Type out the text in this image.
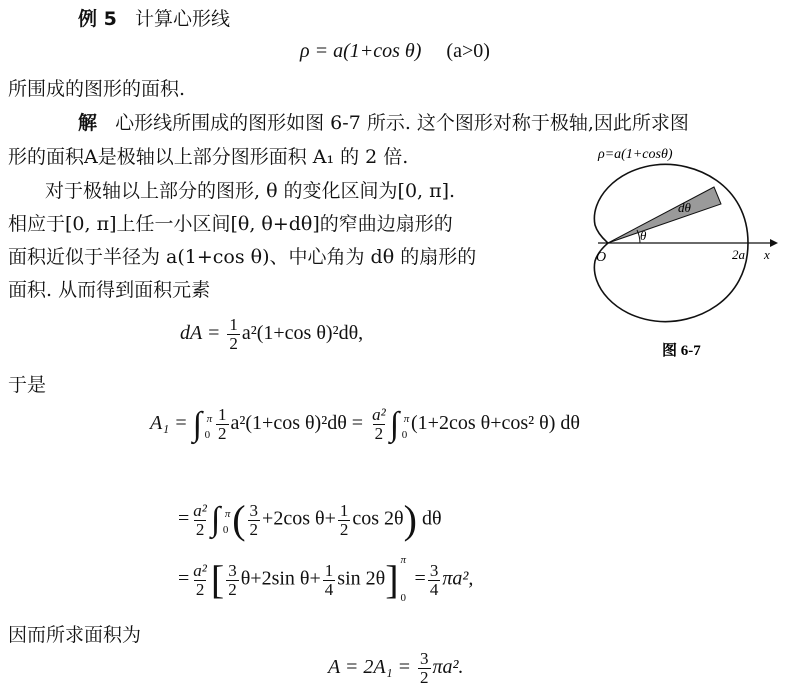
例 5 计算心形线
ρ = a(1+cos θ) (a>0)
所围成的图形的面积.
解 心形线所围成的图形如图 6-7 所示. 这个图形对称于极轴,因此所求图
形的面积A是极轴以上部分图形面积 A₁ 的 2 倍.
对于极轴以上部分的图形, θ 的变化区间为[0, π].
相应于[0, π]上任一小区间[θ, θ+dθ]的窄曲边扇形的
面积近似于半径为 a(1+cos θ)、中心角为 dθ 的扇形的
面积. 从而得到面积元素
dA = $\frac{1}{2} a^2(1+\cos$ θ)²dθ,
于是
A₁ = ∫ π
$0 \frac{1}{2} a^2(1+\cos$ $\theta)^2d\theta = \frac{\text{a²}}{2}$ ∫ π
0
(1+2cos θ+cos² θ) dθ
= $\frac{\text{a²}}{2}$ ∫ π
0 ( $\frac{3}{2} +2\cos$ $\theta+ \frac{1}{2}$ cos 2θ) dθ
= $\frac{\text{a²}}{2}$ [ $\frac{3}{2} \theta+2\sin$ $\theta+ \frac{1}{4}$ sin 2θ] π
0
= $\frac{3}{4} \pi a^2$,
因而所求面积为
$A = 2A_1 = \frac{3}{2} \pi a^2$.
ρ=a(1+cosθ)
dθ
θ
O	2a x
图 6-7
